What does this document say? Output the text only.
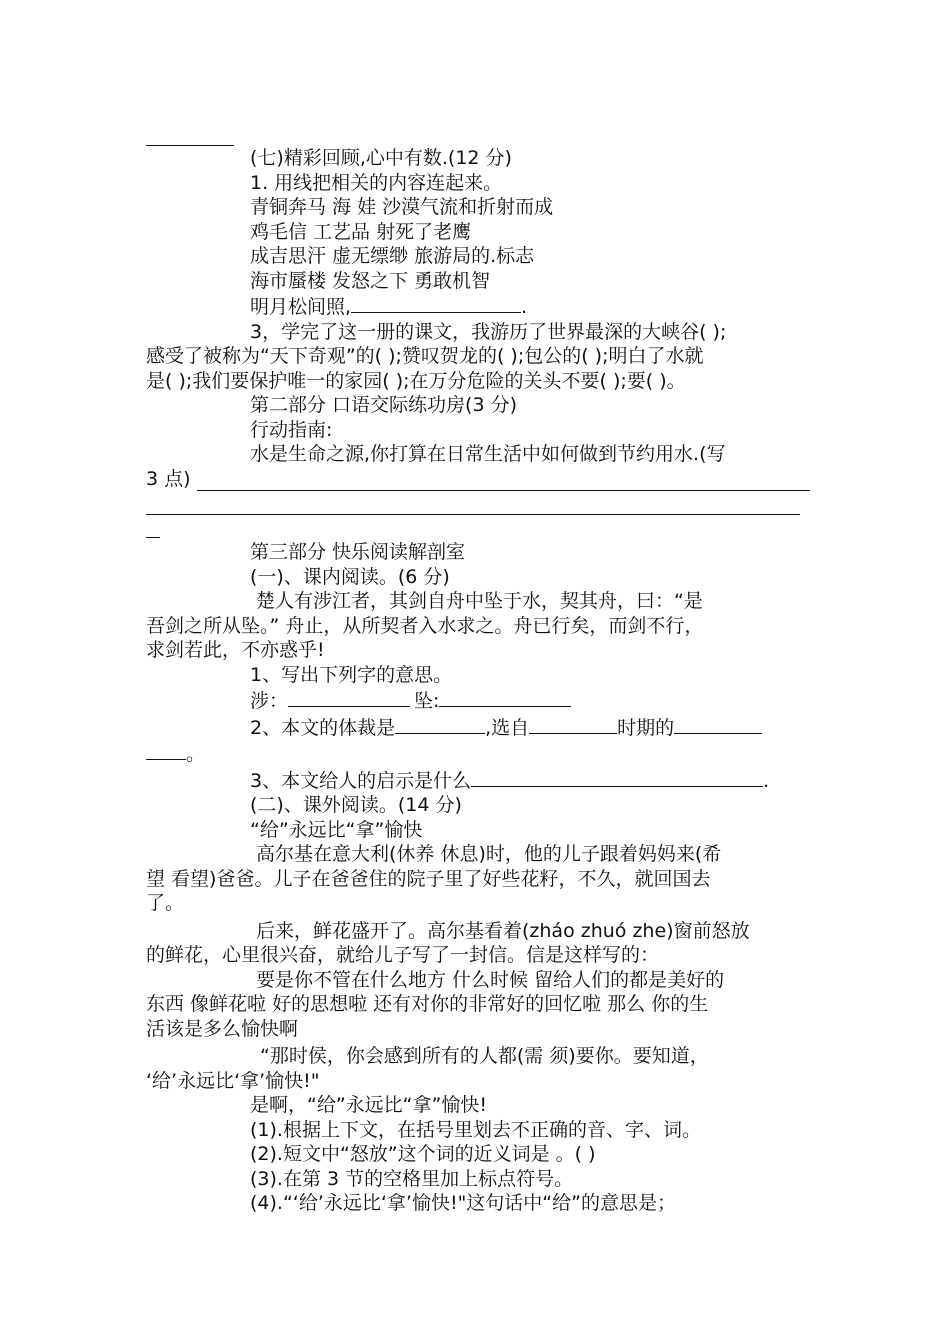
(七)精彩回顾,心中有数.(12 分)

1. 用线把相关的内容连起来。

青铜奔马 海 娃 沙漠气流和折射而成

鸡毛信 工艺品 射死了老鹰

成吉思汗 虚无缥缈 旅游局的.标志

海市蜃楼 发怒之下 勇敢机智

明月松间照,	.

3，学完了这一册的课文，我游历了世界最深的大峡谷( );

感受了被称为“天下奇观”的( );赞叹贺龙的( );包公的( );明白了水就

是( );我们要保护唯一的家园( );在万分危险的关头不要( );要( )。

第二部分 口语交际练功房(3 分)

行动指南:

水是生命之源,你打算在日常生活中如何做到节约用水.(写

3 点)

第三部分 快乐阅读解剖室

(一)、课内阅读。(6 分)

楚人有涉江者，其剑自舟中坠于水，契其舟，曰：“是

吾剑之所从坠。” 舟止，从所契者入水求之。舟已行矣，而剑不行，

求剑若此，不亦惑乎!

1、写出下列字的意思。

涉：	坠:

2、本文的体裁是	,选自	时期的

。

3、本文给人的启示是什么	.

(二)、课外阅读。(14 分)

“给”永远比“拿”愉快

高尔基在意大利(休养 休息)时，他的儿子跟着妈妈来(希

望 看望)爸爸。儿子在爸爸住的院子里了好些花籽，不久，就回国去

了。

后来，鲜花盛开了。高尔基看着(zháo zhuó zhe)窗前怒放

的鲜花，心里很兴奋，就给儿子写了一封信。信是这样写的：

要是你不管在什么地方 什么时候 留给人们的都是美好的

东西 像鲜花啦 好的思想啦 还有对你的非常好的回忆啦 那么 你的生

活该是多么愉快啊

“那时侯，你会感到所有的人都(需 须)要你。要知道，

‘给’永远比‘拿’愉快!"

是啊，“给”永远比“拿”愉快!

(1).根据上下文，在括号里划去不正确的音、字、词。

(2).短文中“怒放”这个词的近义词是 。( )

(3).在第 3 节的空格里加上标点符号。

(4).“‘给’永远比‘拿’愉快!"这句话中“给”的意思是；
